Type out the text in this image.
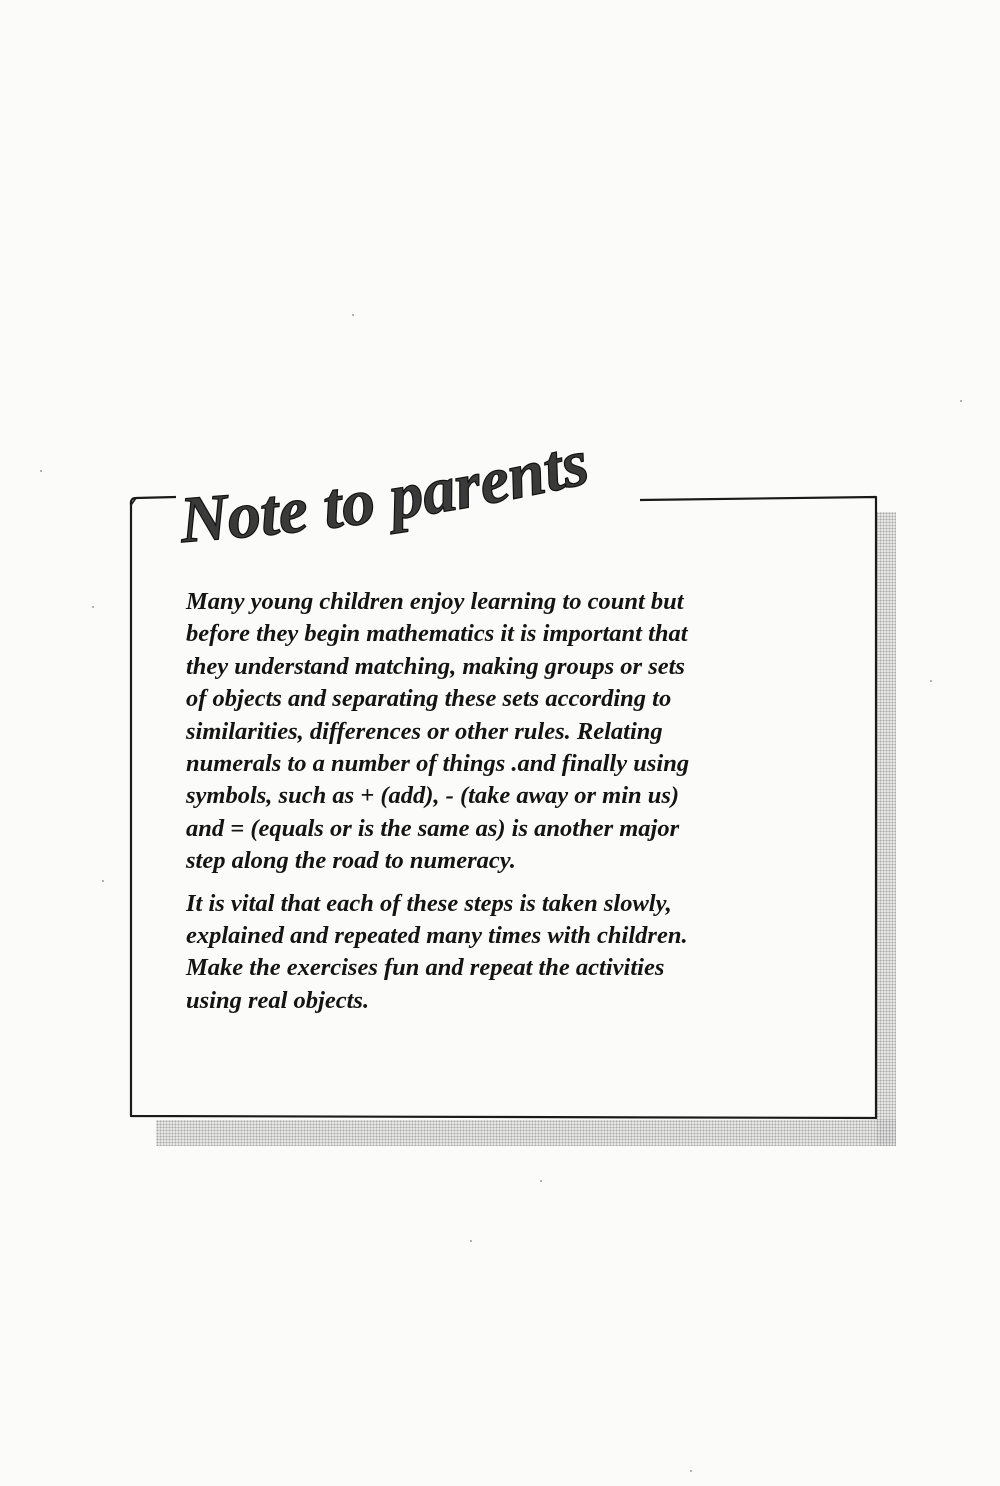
Note to parents

Many young children enjoy learning to count but
before they begin mathematics it is important that
they understand matching, making groups or sets
of objects and separating these sets according to
similarities, differences or other rules. Relating
numerals to a number of things .and finally using
symbols, such as + (add), - (take away or min us)
and = (equals or is the same as) is another major
step along the road to numeracy.

It is vital that each of these steps is taken slowly,
explained and repeated many times with children.
Make the exercises fun and repeat the activities
using real objects.
